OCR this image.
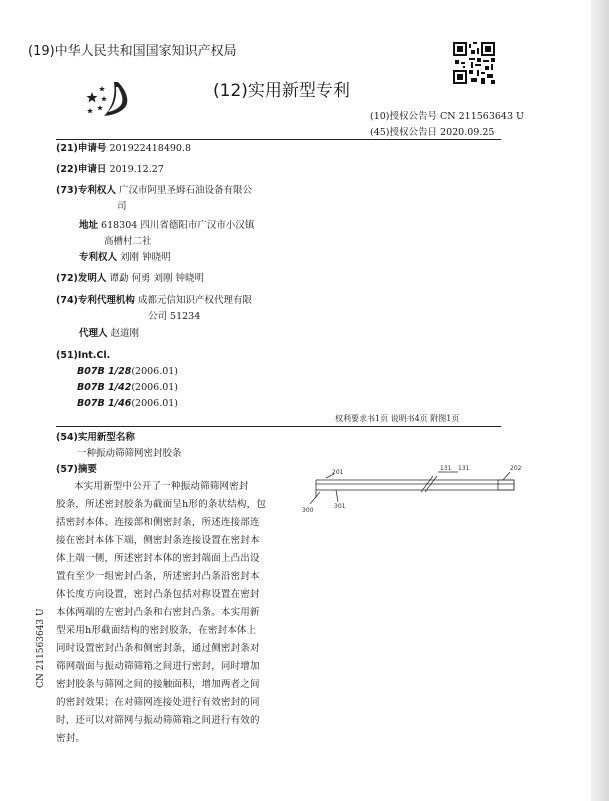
(19)中华人民共和国国家知识产权局
(12)实用新型专利
(10)授权公告号 CN 211563643 U
(45)授权公告日 2020.09.25
(21)申请号 201922418490.8
(22)申请日 2019.12.27
(73)专利权人 广汉市阿里圣姆石油设备有限公
司
地址 618304 四川省德阳市广汉市小汉镇
高槽村二社
专利权人 刘刚 钟晓明
(72)发明人 谭勐 何勇 刘刚 钟晓明
(74)专利代理机构 成都元信知识产权代理有限
公司 51234
代理人 赵道刚
(51)Int.Cl.
B07B 1/28(2006.01)
B07B 1/42(2006.01)
B07B 1/46(2006.01)
权利要求书1页 说明书4页 附图1页
(54)实用新型名称
一种振动筛筛网密封胶条
(57)摘要
本实用新型中公开了一种振动筛筛网密封
胶条，所述密封胶条为截面呈h形的条状结构，包
括密封本体、连接部和侧密封条，所述连接部连
接在密封本体下端，侧密封条连接设置在密封本
体上端一侧，所述密封本体的密封端面上凸出设
置有至少一组密封凸条，所述密封凸条沿密封本
体长度方向设置，密封凸条包括对称设置在密封
本体两端的左密封凸条和右密封凸条。本实用新
型采用h形截面结构的密封胶条，在密封本体上
同时设置密封凸条和侧密封条，通过侧密封条对
筛网端面与振动筛筛箱之间进行密封，同时增加
密封胶条与筛网之间的接触面积，增加两者之间
的密封效果；在对筛网连接处进行有效密封的同
时，还可以对筛网与振动筛筛箱之间进行有效的
密封。
131 131	202
201
301
300
CN 211563643 U
